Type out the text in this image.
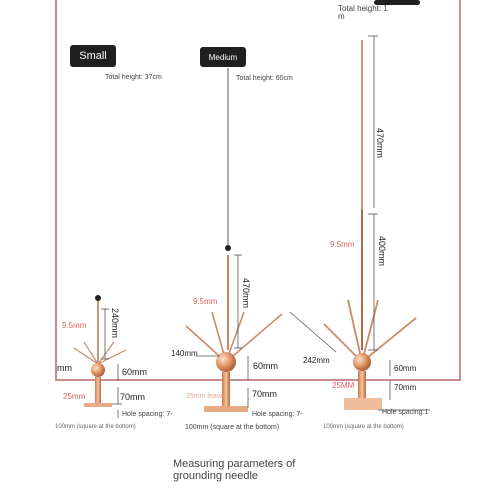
Small	Medium
Total height: 37cm	Total height: 60cm
Total height: 1
m
470mm
400mm
9.5mm
470mm
9.5mm
240mm
9.5mm
mm	60mm
70mm
25mm
Hole spacing: 7-
100mm (square at the bottom)
140mm
60mm
70mm
25mm leaves
Hole spacing: 7-
100mm (square at the bottom)
242mm
60mm
70mm
25MM
Hole spacing:1
100mm (square at the bottom)
Measuring parameters of
grounding needle
